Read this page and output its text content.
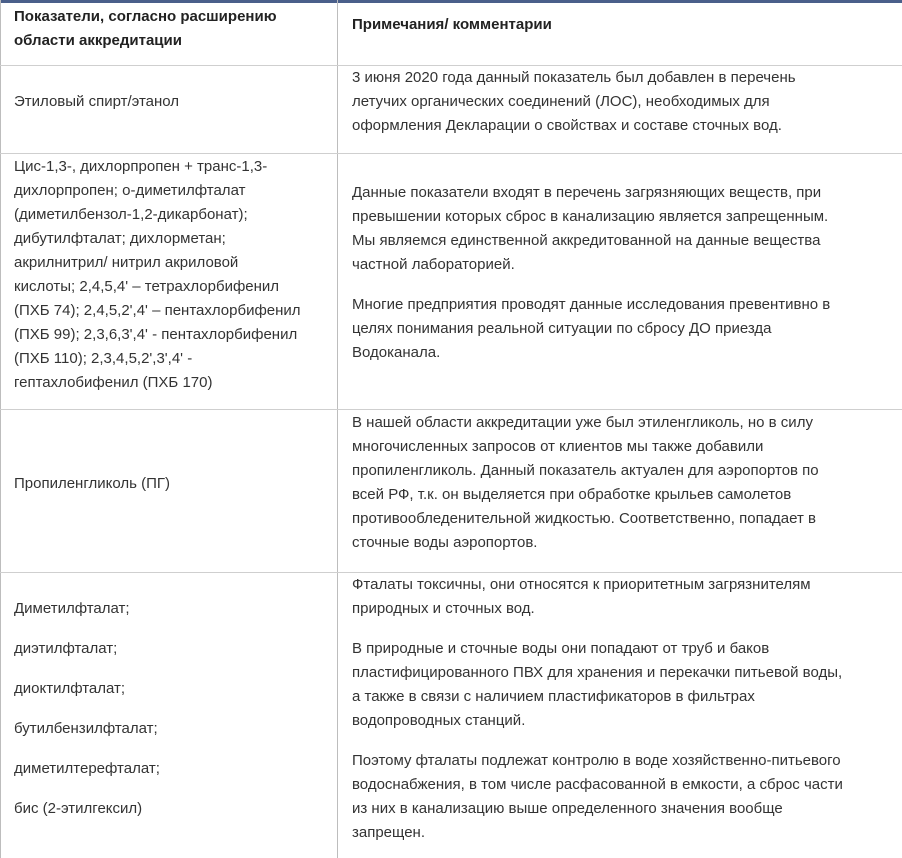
Показатели, согласно расширению
области аккредитации
Примечания/ комментарии
Этиловый спирт/этанол
3 июня 2020 года данный показатель был добавлен в перечень
летучих органических соединений (ЛОС), необходимых для
оформления Декларации о свойствах и составе сточных вод.
Цис-1,3-, дихлорпропен + транс-1,3-
дихлорпропен; о-диметилфталат
(диметилбензол-1,2-дикарбонат);
дибутилфталат; дихлорметан;
акрилнитрил/ нитрил акриловой
кислоты; 2,4,5,4' – тетрахлорбифенил
(ПХБ 74); 2,4,5,2',4' – пентахлорбифенил
(ПХБ 99); 2,3,6,3',4' - пентахлорбифенил
(ПХБ 110); 2,3,4,5,2',3',4' -
гептахлобифенил (ПХБ 170)
Данные показатели входят в перечень загрязняющих веществ, при
превышении которых сброс в канализацию является запрещенным.
Мы являемся единственной аккредитованной на данные вещества
частной лабораторией.
Многие предприятия проводят данные исследования превентивно в
целях понимания реальной ситуации по сбросу ДО приезда
Водоканала.
Пропиленгликоль (ПГ)
В нашей области аккредитации уже был этиленгликоль, но в силу
многочисленных запросов от клиентов мы также добавили
пропиленгликоль. Данный показатель актуален для аэропортов по
всей РФ, т.к. он выделяется при обработке крыльев самолетов
противообледенительной жидкостью. Соответственно, попадает в
сточные воды аэропортов.
Диметилфталат;
диэтилфталат;
диоктилфталат;
бутилбензилфталат;
диметилтерефталат;
бис (2-этилгексил)
Фталаты токсичны, они относятся к приоритетным загрязнителям
природных и сточных вод.
В природные и сточные воды они попадают от труб и баков
пластифицированного ПВХ для хранения и перекачки питьевой воды,
а также в связи с наличием пластификаторов в фильтрах
водопроводных станций.
Поэтому фталаты подлежат контролю в воде хозяйственно-питьевого
водоснабжения, в том числе расфасованной в емкости, а сброс части
из них в канализацию выше определенного значения вообще
запрещен.
